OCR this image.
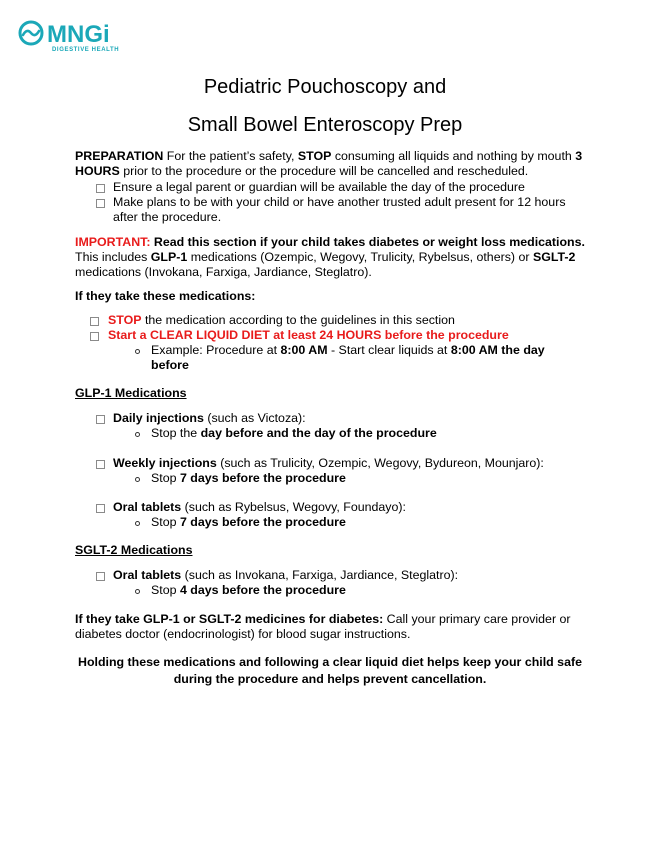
MNGi
DIGESTIVE HEALTH
Pediatric Pouchoscopy and
Small Bowel Enteroscopy Prep

PREPARATION For the patient’s safety, STOP consuming all liquids and nothing by mouth 3 HOURS prior to the procedure or the procedure will be cancelled and rescheduled.

Ensure a legal parent or guardian will be available the day of the procedure
Make plans to be with your child or have another trusted adult present for 12 hours after the procedure.

IMPORTANT: Read this section if your child takes diabetes or weight loss medications. This includes GLP-1 medications (Ozempic, Wegovy, Trulicity, Rybelsus, others) or SGLT-2 medications (Invokana, Farxiga, Jardiance, Steglatro).

If they take these medications:

STOP the medication according to the guidelines in this section
Start a CLEAR LIQUID DIET at least 24 HOURS before the procedure
Example: Procedure at 8:00 AM - Start clear liquids at 8:00 AM the day before

GLP-1 Medications

Daily injections (such as Victoza):
Stop the day before and the day of the procedure
Weekly injections (such as Trulicity, Ozempic, Wegovy, Bydureon, Mounjaro):
Stop 7 days before the procedure
Oral tablets (such as Rybelsus, Wegovy, Foundayo):
Stop 7 days before the procedure

SGLT-2 Medications

Oral tablets (such as Invokana, Farxiga, Jardiance, Steglatro):
Stop 4 days before the procedure

If they take GLP-1 or SGLT-2 medicines for diabetes: Call your primary care provider or diabetes doctor (endocrinologist) for blood sugar instructions.

Holding these medications and following a clear liquid diet helps keep your child safe during the procedure and helps prevent cancellation.
